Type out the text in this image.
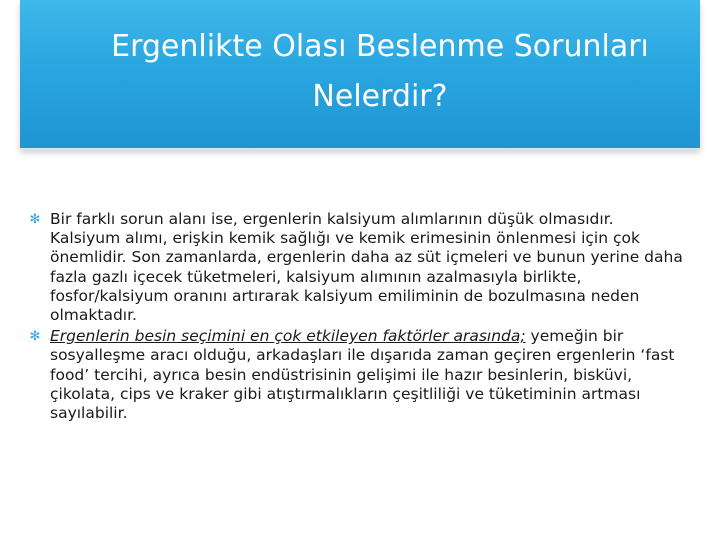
Ergenlikte Olası Beslenme Sorunları Nelerdir?
✻ Bir farklı sorun alanı ise, ergenlerin kalsiyum alımlarının düşük olmasıdır. Kalsiyum alımı, erişkin kemik sağlığı ve kemik erimesinin önlenmesi için çok önemlidir. Son zamanlarda, ergenlerin daha az süt içmeleri ve bunun yerine daha fazla gazlı içecek tüketmeleri, kalsiyum alımının azalmasıyla birlikte, fosfor/kalsiyum oranını artırarak kalsiyum emiliminin de bozulmasına neden olmaktadır.
✻ Ergenlerin besin seçimini en çok etkileyen faktörler arasında; yemeğin bir sosyalleşme aracı olduğu, arkadaşları ile dışarıda zaman geçiren ergenlerin ‘fast food’ tercihi, ayrıca besin endüstrisinin gelişimi ile hazır besinlerin, bisküvi, çikolata, cips ve kraker gibi atıştırmalıkların çeşitliliği ve tüketiminin artması sayılabilir.
